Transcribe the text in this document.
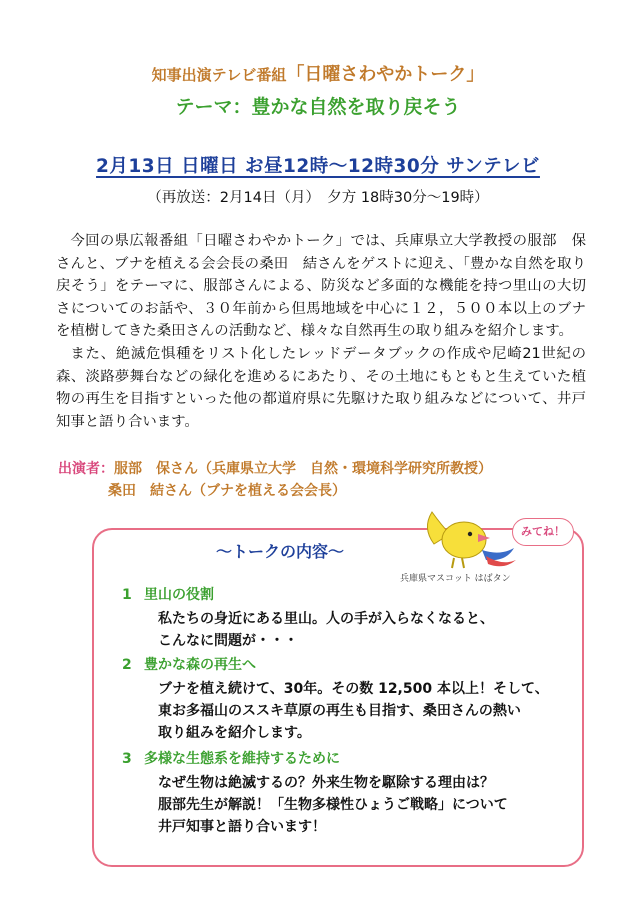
知事出演テレビ番組「日曜さわやかトーク」
テーマ：豊かな自然を取り戻そう
2月13日 日曜日 お昼12時〜12時30分 サンテレビ
（再放送：2月14日（月）　夕方 18時30分〜19時）

今回の県広報番組「日曜さわやかトーク」では、兵庫県立大学教授の服部　保さんと、ブナを植える会会長の桑田　結さんをゲストに迎え、「豊かな自然を取り戻そう」をテーマに、服部さんによる、防災など多面的な機能を持つ里山の大切さについてのお話や、３０年前から但馬地域を中心に１２，５００本以上のブナを植樹してきた桑田さんの活動など、様々な自然再生の取り組みを紹介します。

また、絶滅危惧種をリスト化したレッドデータブックの作成や尼崎21世紀の森、淡路夢舞台などの緑化を進めるにあたり、その土地にもともと生えていた植物の再生を目指すといった他の都道府県に先駆けた取り組みなどについて、井戸知事と語り合います。

出演者：服部　保さん（兵庫県立大学　自然・環境科学研究所教授）
桑田　結さん（ブナを植える会会長）
〜トークの内容〜
みてね！
兵庫県マスコット はばタン
1 里山の役割
私たちの身近にある里山。人の手が入らなくなると、
こんなに問題が・・・
2 豊かな森の再生へ
ブナを植え続けて、30年。その数 12,500 本以上！そして、
東お多福山のススキ草原の再生も目指す、桑田さんの熱い
取り組みを紹介します。
3 多様な生態系を維持するために
なぜ生物は絶滅するの？外来生物を駆除する理由は？
服部先生が解説！「生物多様性ひょうご戦略」について
井戸知事と語り合います！
